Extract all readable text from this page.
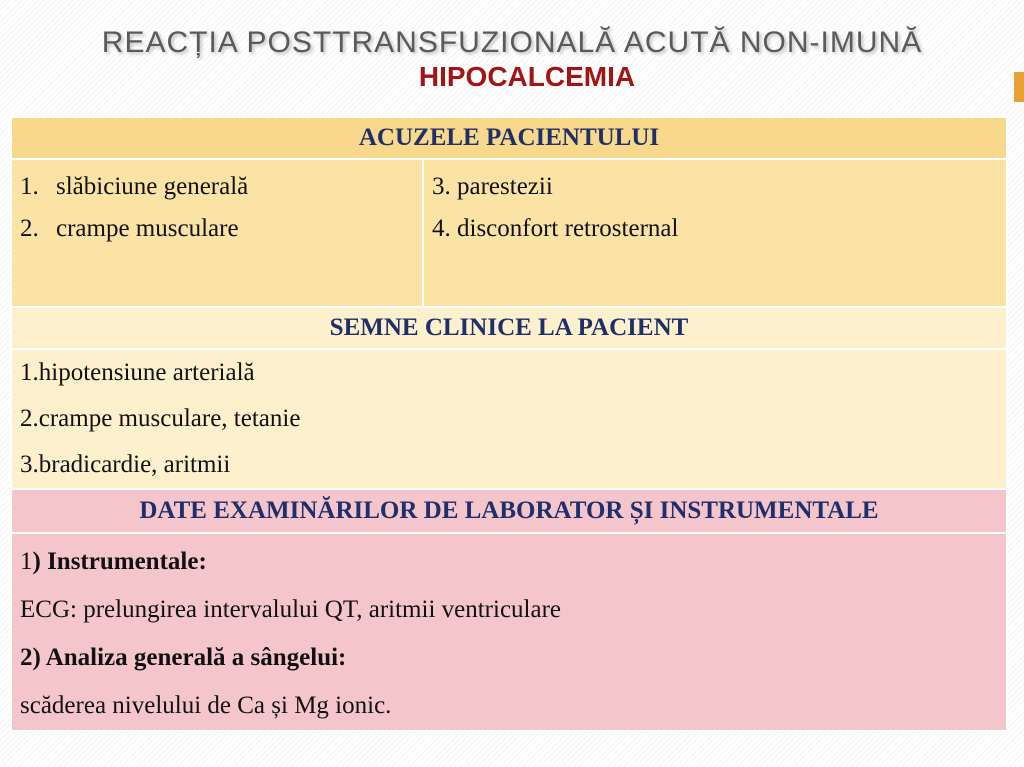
REACȚIA POSTTRANSFUZIONALĂ ACUTĂ NON-IMUNĂ
HIPOCALCEMIA
ACUZELE PACIENTULUI

1. slăbiciune generală
2. crampe musculare

3. parestezii
4. disconfort retrosternal

SEMNE CLINICE LA PACIENT

1.hipotensiune arterială
2.crampe musculare, tetanie
3.bradicardie, aritmii

DATE EXAMINĂRILOR DE LABORATOR ȘI INSTRUMENTALE

1) Instrumentale:
ECG: prelungirea intervalului QT, aritmii ventriculare
2) Analiza generală a sângelui:
scăderea nivelului de Ca și Mg ionic.
